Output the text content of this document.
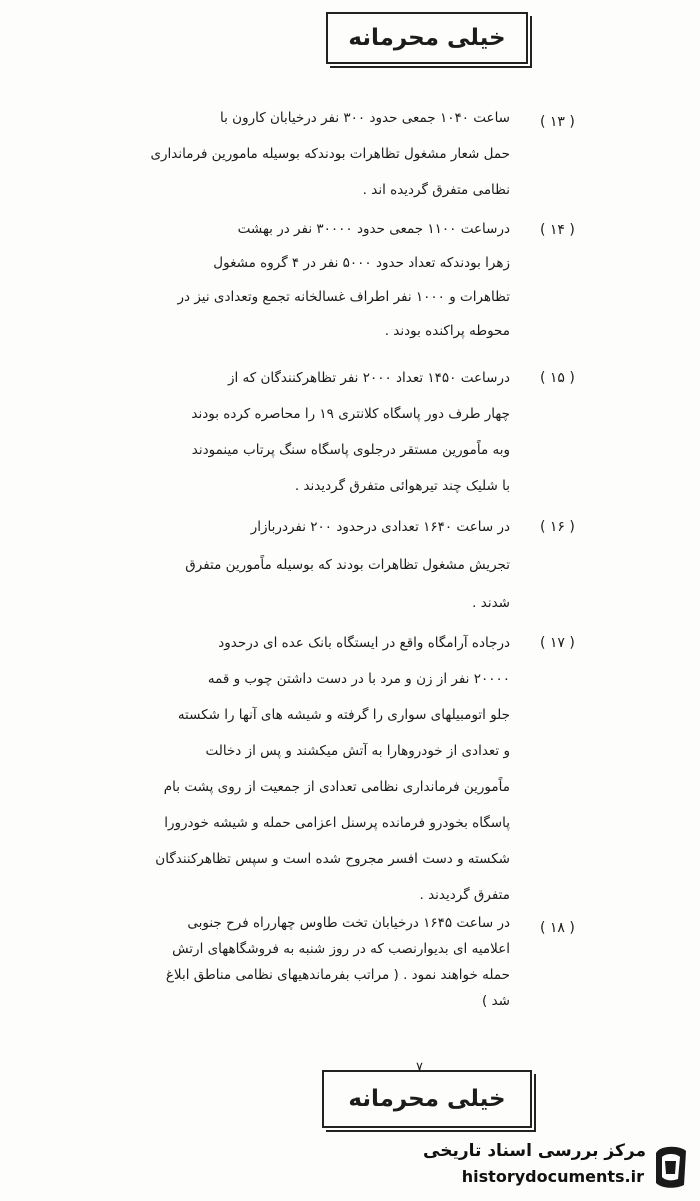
خیلی محرمانه
( ۱۳ )
ساعت ۱۰۴۰ جمعی حدود ۳۰۰ نفر درخیابان کارون با
حمل شعار مشغول تظاهرات بودندکه بوسیله مامورین فرمانداری
نظامی متفرق گردیده اند .
( ۱۴ )
درساعت ۱۱۰۰ جمعی حدود ۳۰۰۰۰ نفر در بهشت
زهرا بودندکه تعداد حدود ۵۰۰۰ نفر در ۴ گروه مشغول
تظاهرات و ۱۰۰۰ نفر اطراف غسالخانه تجمع وتعدادی نیز در
محوطه پراکنده بودند .
( ۱۵ )
درساعت ۱۴۵۰ تعداد ۲۰۰۰ نفر تظاهرکنندگان که از
چهار طرف دور پاسگاه کلانتری ۱۹ را محاصره کرده بودند
وبه ماًمورین مستقر درجلوی پاسگاه سنگ پرتاب مینمودند
با شلیک چند تیرهوائی متفرق گردیدند .
( ۱۶ )
در ساعت ۱۶۴۰ تعدادی درحدود ۲۰۰ نفردربازار
تجریش مشغول تظاهرات بودند که بوسیله ماًمورین متفرق
شدند .
( ۱۷ )
درجاده آرامگاه واقع در ایستگاه بانک عده ای درحدود
۲۰۰۰۰ نفر از زن و مرد با در دست داشتن چوب و قمه
جلو اتومبیلهای سواری را گرفته و شیشه های آنها را شکسته
و تعدادی از خودروهارا به آتش میکشند و پس از دخالت
ماًمورین فرمانداری نظامی تعدادی از جمعیت از روی پشت بام
پاسگاه بخودرو فرمانده پرسنل اعزامی حمله و شیشه خودرورا
شکسته و دست افسر مجروح شده است و سپس تظاهرکنندگان
متفرق گردیدند .
( ۱۸ )
در ساعت ۱۶۴۵ درخیابان تخت طاوس چهارراه فرح جنوبی
اعلامیه ای بدیوارنصب که در روز شنبه به فروشگاههای ارتش
حمله خواهند نمود . ( مراتب بفرماندهیهای نظامی مناطق ابلاغ
شد )
۷
خیلی محرمانه
مرکز بررسی اسناد تاریخی
historydocuments.ir
